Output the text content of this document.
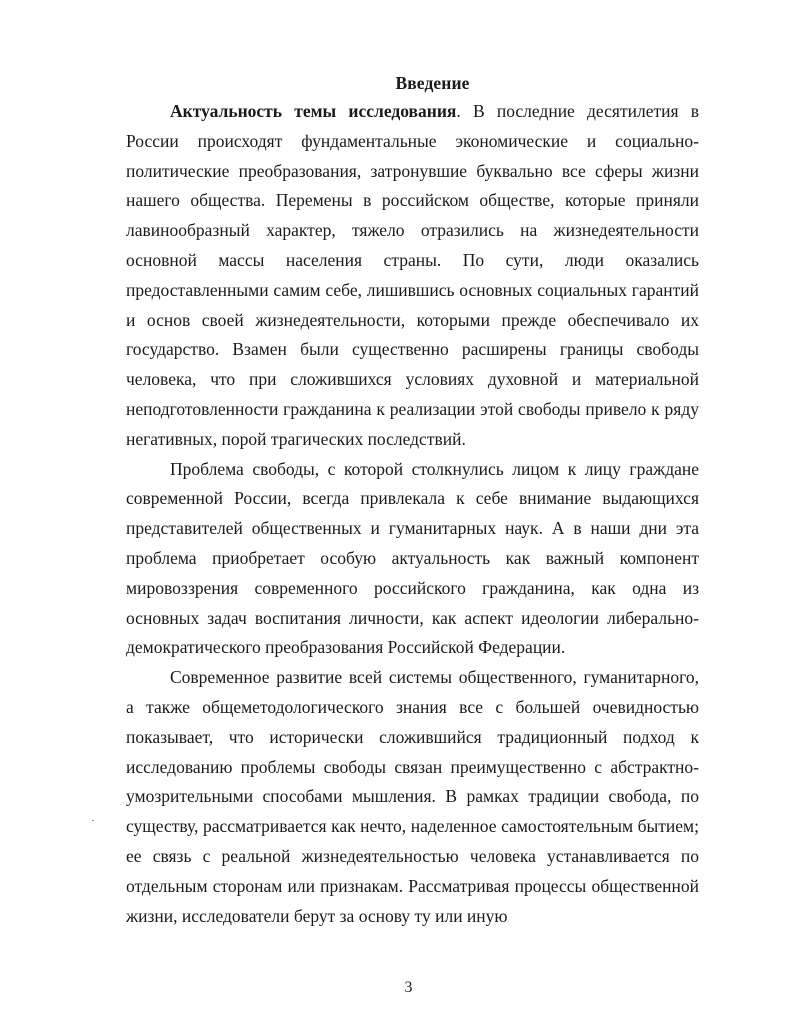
Введение

Актуальность темы исследования. В последние десятилетия в России происходят фундаментальные экономические и социально-политические преобразования, затронувшие буквально все сферы жизни нашего общества. Перемены в российском обществе, которые приняли лавинообразный характер, тяжело отразились на жизнедеятельности основной массы населения страны. По сути, люди оказались предоставленными самим себе, лишившись основных социальных гарантий и основ своей жизнедеятельности, которыми прежде обеспечивало их государство. Взамен были существенно расширены границы свободы человека, что при сложившихся условиях духовной и материальной неподготовленности гражданина к реализации этой свободы привело к ряду негативных, порой трагических последствий.

Проблема свободы, с которой столкнулись лицом к лицу граждане современной России, всегда привлекала к себе внимание выдающихся представителей общественных и гуманитарных наук. А в наши дни эта проблема приобретает особую актуальность как важный компонент мировоззрения современного российского гражданина, как одна из основных задач воспитания личности, как аспект идеологии либерально-демократического преобразования Российской Федерации.

Современное развитие всей системы общественного, гуманитарного, а также общеметодологического знания все с большей очевидностью показывает, что исторически сложившийся традиционный подход к исследованию проблемы свободы связан преимущественно с абстрактно-умозрительными способами мышления. В рамках традиции свобода, по существу, рассматривается как нечто, наделенное самостоятельным бытием; ее связь с реальной жизнедеятельностью человека устанавливается по отдельным сторонам или признакам. Рассматривая процессы общественной жизни, исследователи берут за основу ту или иную

3
